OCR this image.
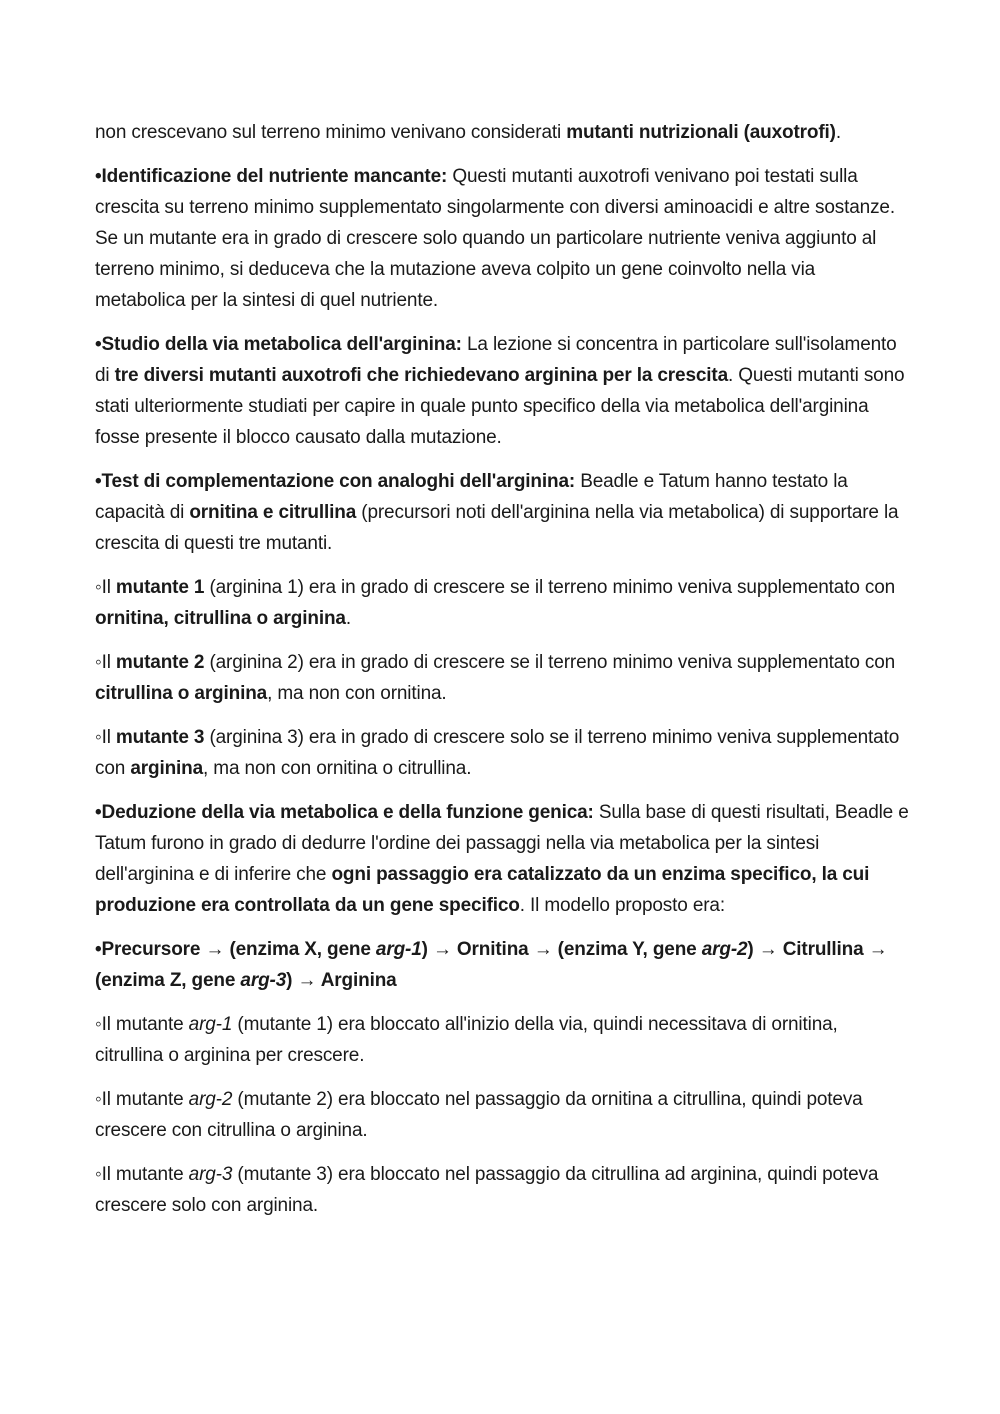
non crescevano sul terreno minimo venivano considerati mutanti nutrizionali (auxotrofi).

•Identificazione del nutriente mancante: Questi mutanti auxotrofi venivano poi testati sulla crescita su terreno minimo supplementato singolarmente con diversi aminoacidi e altre sostanze. Se un mutante era in grado di crescere solo quando un particolare nutriente veniva aggiunto al terreno minimo, si deduceva che la mutazione aveva colpito un gene coinvolto nella via metabolica per la sintesi di quel nutriente.

•Studio della via metabolica dell'arginina: La lezione si concentra in particolare sull'isolamento di tre diversi mutanti auxotrofi che richiedevano arginina per la crescita. Questi mutanti sono stati ulteriormente studiati per capire in quale punto specifico della via metabolica dell'arginina fosse presente il blocco causato dalla mutazione.

•Test di complementazione con analoghi dell'arginina: Beadle e Tatum hanno testato la capacità di ornitina e citrullina (precursori noti dell'arginina nella via metabolica) di supportare la crescita di questi tre mutanti.

◦Il mutante 1 (arginina 1) era in grado di crescere se il terreno minimo veniva supplementato con ornitina, citrullina o arginina.

◦Il mutante 2 (arginina 2) era in grado di crescere se il terreno minimo veniva supplementato con citrullina o arginina, ma non con ornitina.

◦Il mutante 3 (arginina 3) era in grado di crescere solo se il terreno minimo veniva supplementato con arginina, ma non con ornitina o citrullina.

•Deduzione della via metabolica e della funzione genica: Sulla base di questi risultati, Beadle e Tatum furono in grado di dedurre l'ordine dei passaggi nella via metabolica per la sintesi dell'arginina e di inferire che ogni passaggio era catalizzato da un enzima specifico, la cui produzione era controllata da un gene specifico. Il modello proposto era:

•Precursore → (enzima X, gene arg-1) → Ornitina → (enzima Y, gene arg-2) → Citrullina → (enzima Z, gene arg-3) → Arginina

◦Il mutante arg-1 (mutante 1) era bloccato all'inizio della via, quindi necessitava di ornitina, citrullina o arginina per crescere.

◦Il mutante arg-2 (mutante 2) era bloccato nel passaggio da ornitina a citrullina, quindi poteva crescere con citrullina o arginina.

◦Il mutante arg-3 (mutante 3) era bloccato nel passaggio da citrullina ad arginina, quindi poteva crescere solo con arginina.
